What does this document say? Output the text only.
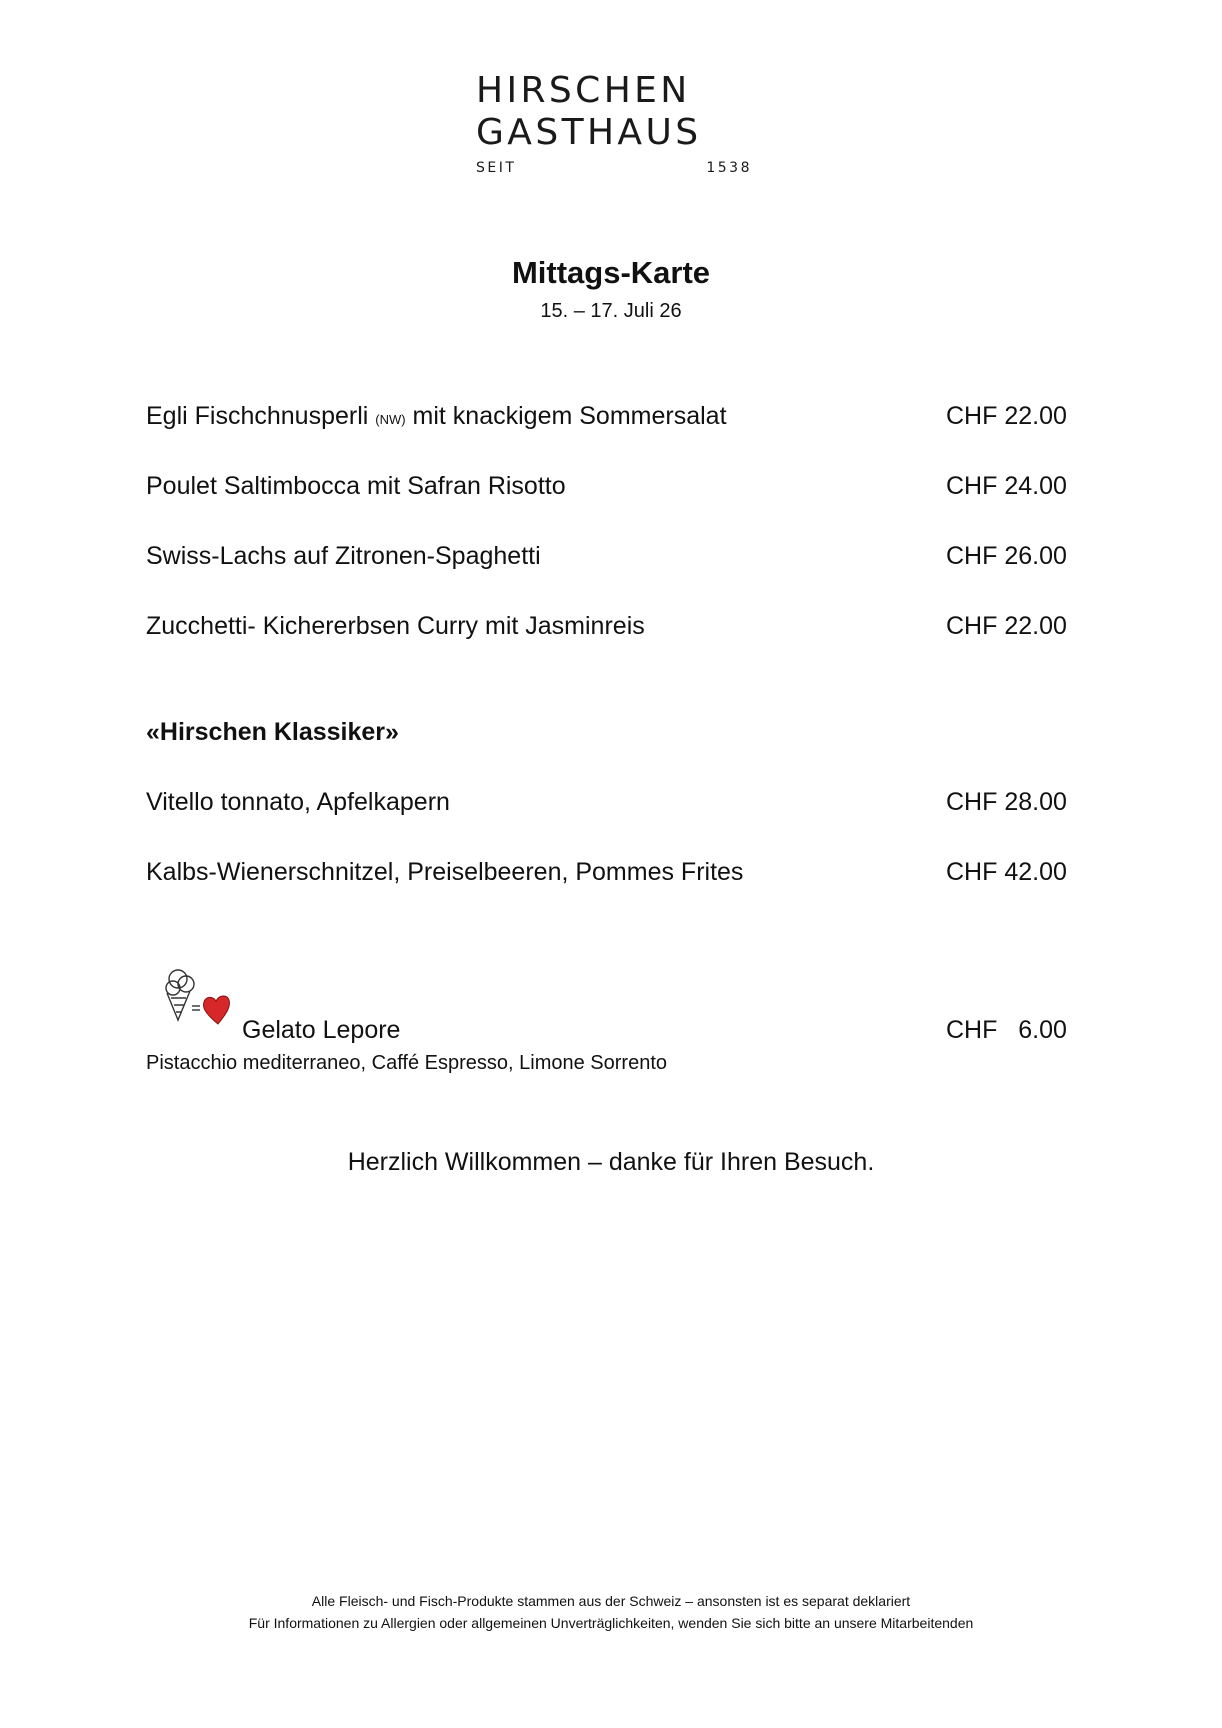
HIRSCHEN
GASTHAUS
SEIT	1538
Mittags-Karte
15. – 17. Juli 26
Egli Fischchnusperli (NW) mit knackigem Sommersalat	CHF 22.00
Poulet Saltimbocca mit Safran Risotto	CHF 24.00
Swiss-Lachs auf Zitronen-Spaghetti	CHF 26.00
Zucchetti- Kichererbsen Curry mit Jasminreis	CHF 22.00
«Hirschen Klassiker»
Vitello tonnato, Apfelkapern	CHF 28.00
Kalbs-Wienerschnitzel, Preiselbeeren, Pommes Frites	CHF 42.00
Gelato Lepore	CHF   6.00
Pistacchio mediterraneo, Caffé Espresso, Limone Sorrento
Herzlich Willkommen – danke für Ihren Besuch.
Alle Fleisch- und Fisch-Produkte stammen aus der Schweiz – ansonsten ist es separat deklariert
Für Informationen zu Allergien oder allgemeinen Unverträglichkeiten, wenden Sie sich bitte an unsere Mitarbeitenden
